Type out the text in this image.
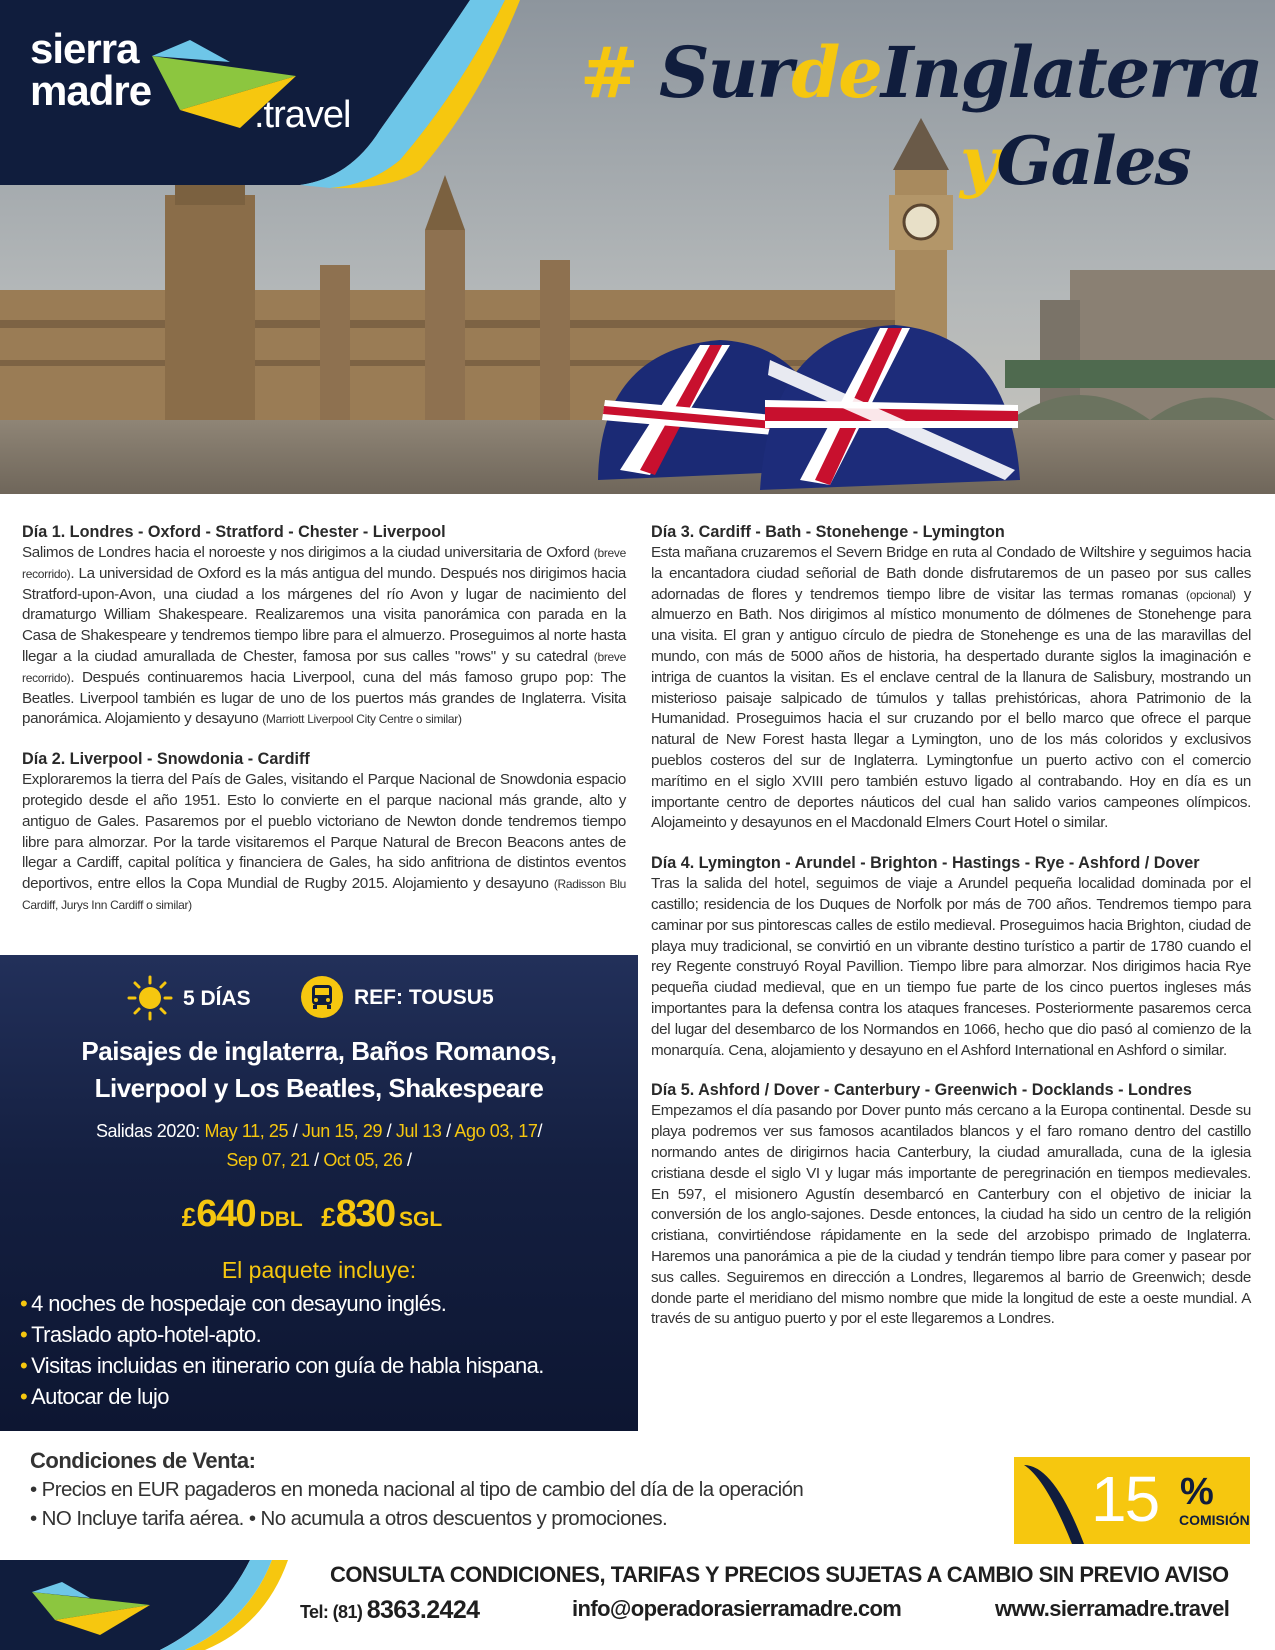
sierra
madre
.travel
# SurdeInglaterra
yGales
Día 1. Londres - Oxford - Stratford - Chester - Liverpool
Salimos de Londres hacia el noroeste y nos dirigimos a la ciudad universitaria de Oxford (breve recorrido). La universidad de Oxford es la más antigua del mundo. Después nos dirigimos hacia Stratford-upon-Avon, una ciudad a los márgenes del río Avon y lugar de nacimiento del dramaturgo William Shakespeare. Realizaremos una visita panorámica con parada en la Casa de Shakespeare y tendremos tiempo libre para el almuerzo. Proseguimos al norte hasta llegar a la ciudad amurallada de Chester, famosa por sus calles "rows" y su catedral (breve recorrido). Después continuaremos hacia Liverpool, cuna del más famoso grupo pop: The Beatles. Liverpool también es lugar de uno de los puertos más grandes de Inglaterra. Visita panorámica. Alojamiento y desayuno (Marriott Liverpool City Centre o similar)
Día 2. Liverpool - Snowdonia - Cardiff
Exploraremos la tierra del País de Gales, visitando el Parque Nacional de Snowdonia espacio protegido desde el año 1951. Esto lo convierte en el parque nacional más grande, alto y antiguo de Gales. Pasaremos por el pueblo victoriano de Newton donde tendremos tiempo libre para almorzar. Por la tarde visitaremos el Parque Natural de Brecon Beacons antes de llegar a Cardiff, capital política y financiera de Gales, ha sido anfitriona de distintos eventos deportivos, entre ellos la Copa Mundial de Rugby 2015. Alojamiento y desayuno (Radisson Blu Cardiff, Jurys Inn Cardiff o similar)
Día 3. Cardiff - Bath - Stonehenge - Lymington
Esta mañana cruzaremos el Severn Bridge en ruta al Condado de Wiltshire y seguimos hacia la encantadora ciudad señorial de Bath donde disfrutaremos de un paseo por sus calles adornadas de flores y tendremos tiempo libre de visitar las termas romanas (opcional) y almuerzo en Bath. Nos dirigimos al místico monumento de dólmenes de Stonehenge para una visita. El gran y antiguo círculo de piedra de Stonehenge es una de las maravillas del mundo, con más de 5000 años de historia, ha despertado durante siglos la imaginación e intriga de cuantos la visitan. Es el enclave central de la llanura de Salisbury, mostrando un misterioso paisaje salpicado de túmulos y tallas prehistóricas, ahora Patrimonio de la Humanidad. Proseguimos hacia el sur cruzando por el bello marco que ofrece el parque natural de New Forest hasta llegar a Lymington, uno de los más coloridos y exclusivos pueblos costeros del sur de Inglaterra. Lymingtonfue un puerto activo con el comercio marítimo en el siglo XVIII pero también estuvo ligado al contrabando. Hoy en día es un importante centro de deportes náuticos del cual han salido varios campeones olímpicos. Alojameinto y desayunos en el Macdonald Elmers Court Hotel o similar.
Día 4. Lymington - Arundel - Brighton - Hastings - Rye - Ashford / Dover
Tras la salida del hotel, seguimos de viaje a Arundel pequeña localidad dominada por el castillo; residencia de los Duques de Norfolk por más de 700 años. Tendremos tiempo para caminar por sus pintorescas calles de estilo medieval. Proseguimos hacia Brighton, ciudad de playa muy tradicional, se convirtió en un vibrante destino turístico a partir de 1780 cuando el rey Regente construyó Royal Pavillion. Tiempo libre para almorzar. Nos dirigimos hacia Rye pequeña ciudad medieval, que en un tiempo fue parte de los cinco puertos ingleses más importantes para la defensa contra los ataques franceses. Posteriormente pasaremos cerca del lugar del desembarco de los Normandos en 1066, hecho que dio pasó al comienzo de la monarquía. Cena, alojamiento y desayuno en el Ashford International en Ashford o similar.
Día 5. Ashford / Dover - Canterbury - Greenwich - Docklands - Londres
Empezamos el día pasando por Dover punto más cercano a la Europa continental. Desde su playa podremos ver sus famosos acantilados blancos y el faro romano dentro del castillo normando antes de dirigirnos hacia Canterbury, la ciudad amurallada, cuna de la iglesia cristiana desde el siglo VI y lugar más importante de peregrinación en tiempos medievales. En 597, el misionero Agustín desembarcó en Canterbury con el objetivo de iniciar la conversión de los anglo-sajones. Desde entonces, la ciudad ha sido un centro de la religión cristiana, convirtiéndose rápidamente en la sede del arzobispo primado de Inglaterra. Haremos una panorámica a pie de la ciudad y tendrán tiempo libre para comer y pasear por sus calles. Seguiremos en dirección a Londres, llegaremos al barrio de Greenwich; desde donde parte el meridiano del mismo nombre que mide la longitud de este a oeste mundial. A través de su antiguo puerto y por el este llegaremos a Londres.
5 DÍAS	REF: TOUSU5
Paisajes de inglaterra, Baños Romanos,
Liverpool y Los Beatles, Shakespeare
Salidas 2020: May 11, 25 / Jun 15, 29 / Jul 13 / Ago 03, 17/
Sep 07, 21 / Oct 05, 26 /
£640 DBL £830 SGL
El paquete incluye:
• 4 noches de hospedaje con desayuno inglés.
• Traslado apto-hotel-apto.
• Visitas incluidas en itinerario con guía de habla hispana.
• Autocar de lujo
Condiciones de Venta:
• Precios en EUR pagaderos en moneda nacional al tipo de cambio del día de la operación
• NO Incluye tarifa aérea. • No acumula a otros descuentos y promociones.	15 %
COMISIÓN
CONSULTA CONDICIONES, TARIFAS Y PRECIOS SUJETAS A CAMBIO SIN PREVIO AVISO
Tel: (81) 8363.2424	info@operadorasierramadre.com	www.sierramadre.travel
